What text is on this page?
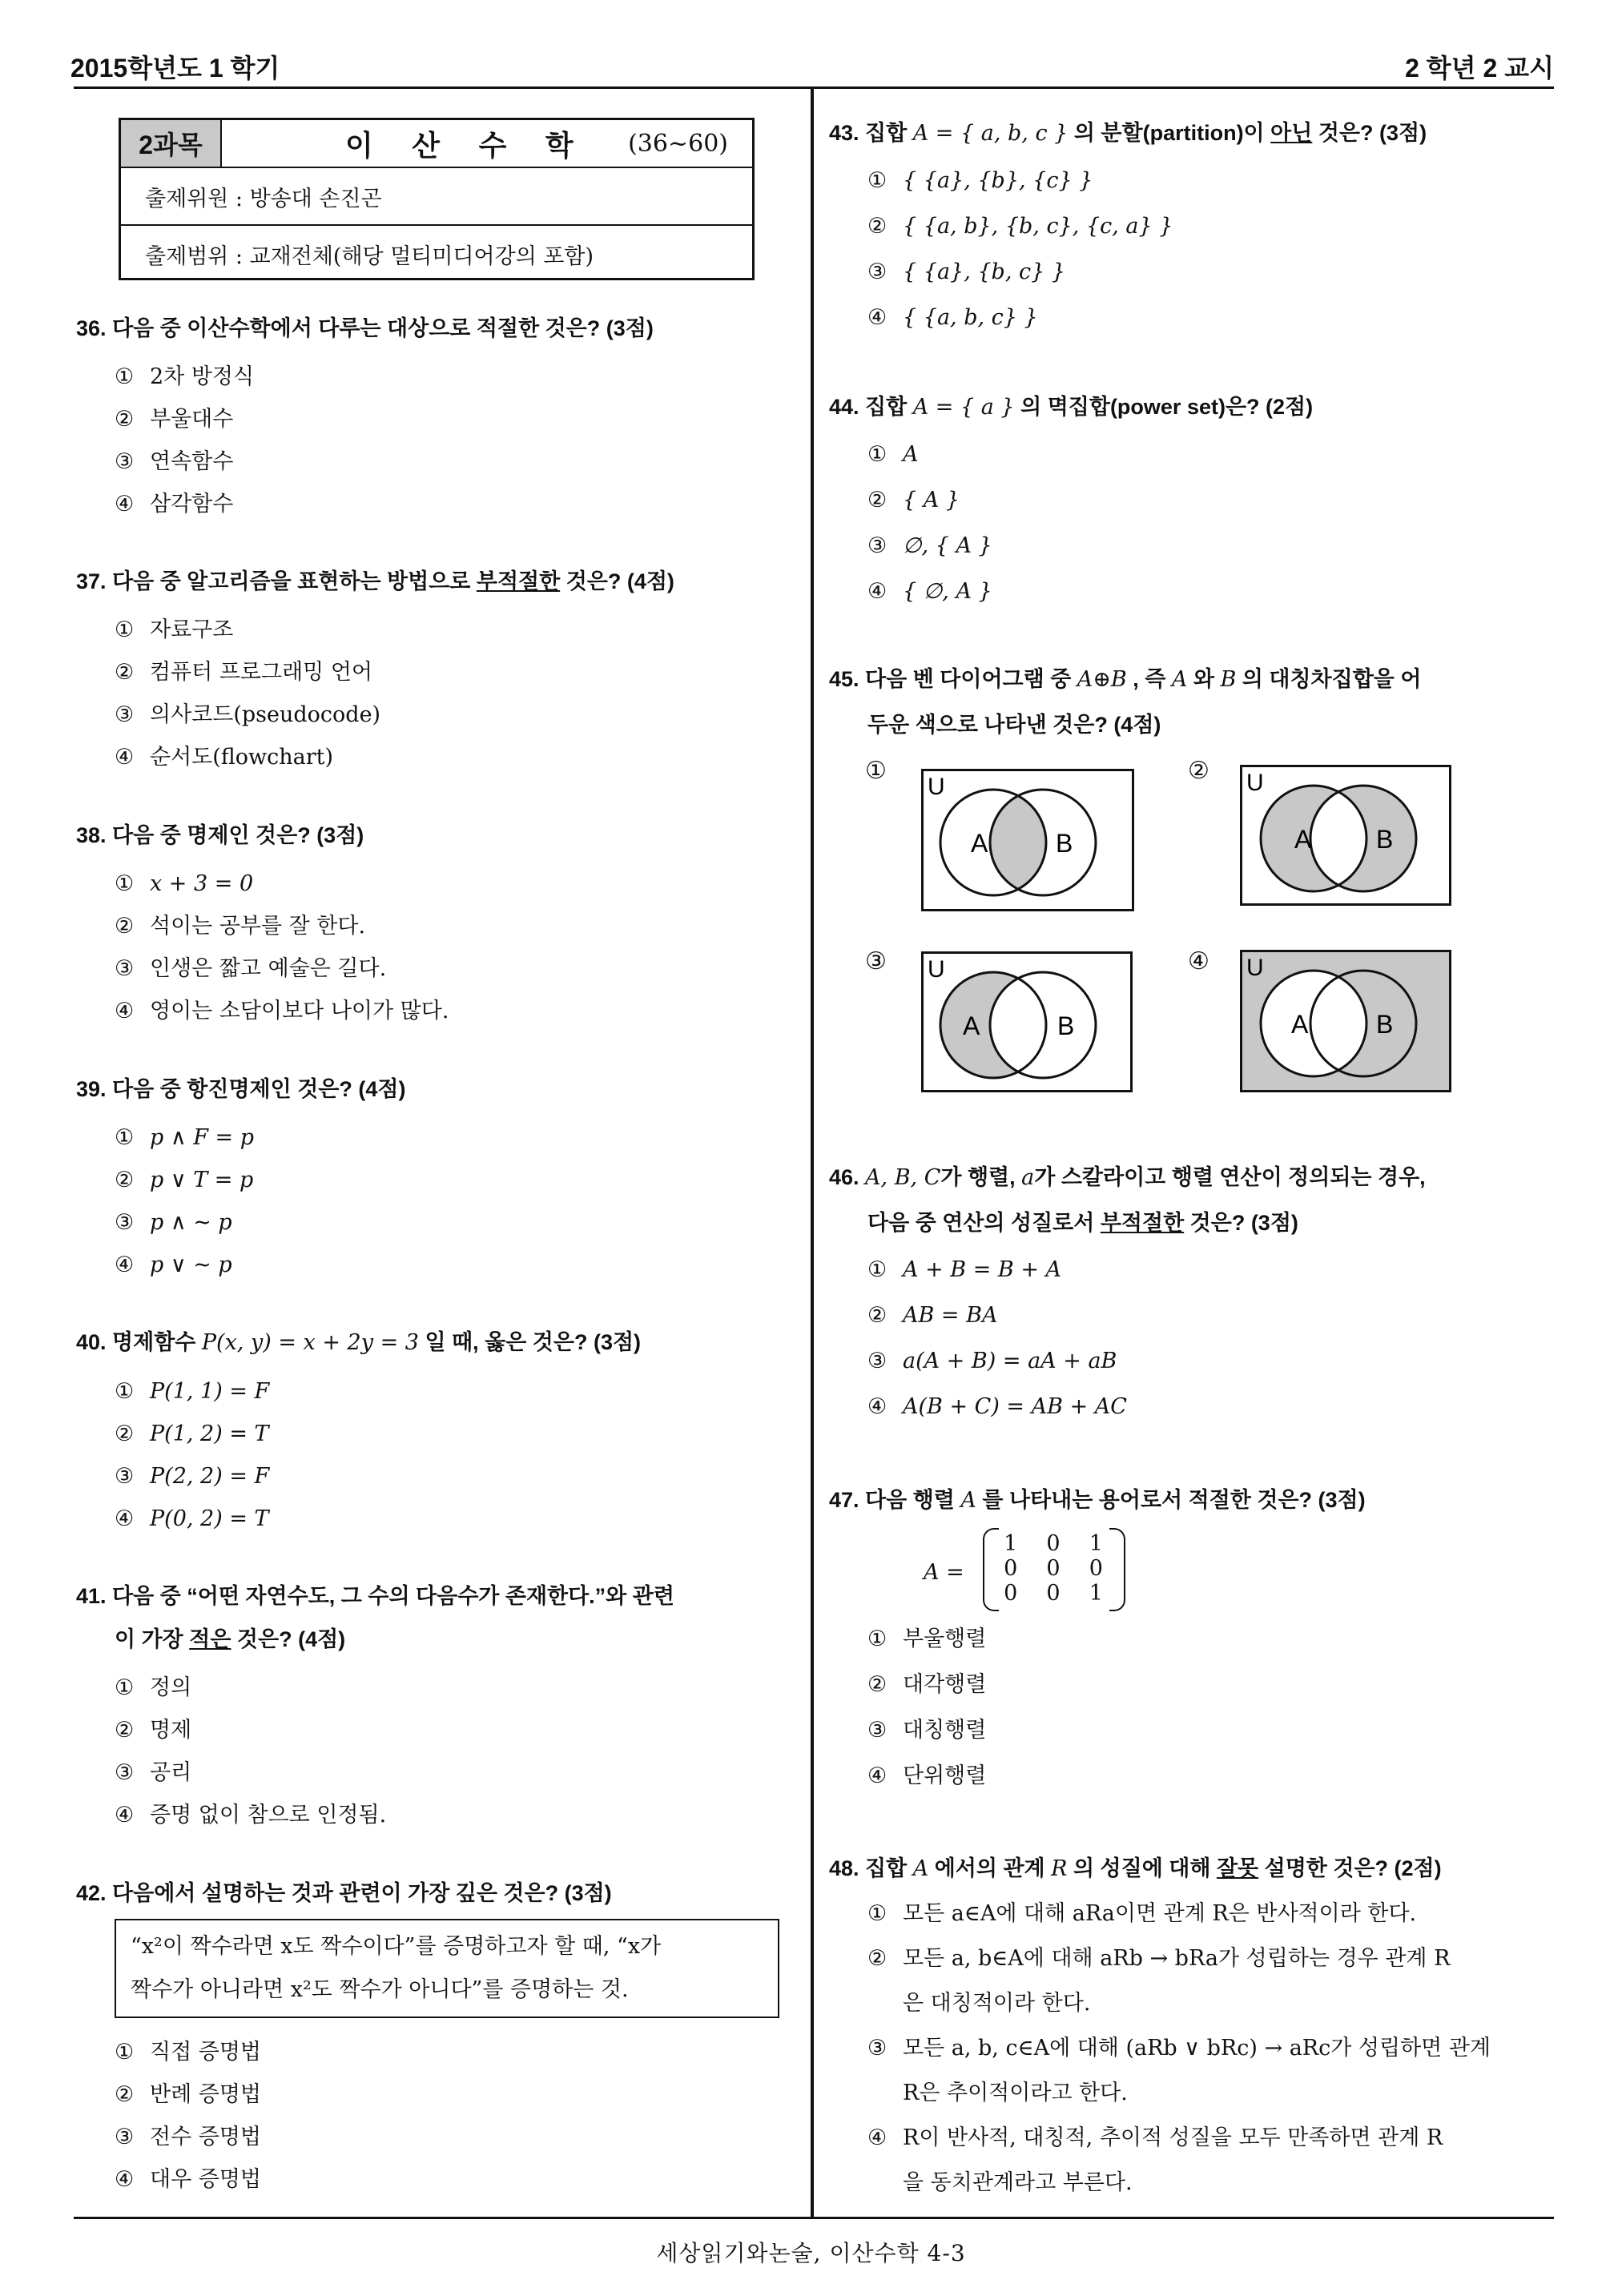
2015학년도 1 학기	2 학년 2 교시
세상읽기와논술, 이산수학 4-3
2과목	이 산 수 학 (36~60)
출제위원 : 방송대 손진곤
출제범위 : 교재전체(해당 멀티미디어강의 포함)
36. 다음 중 이산수학에서 다루는 대상으로 적절한 것은? (3점)
① 2차 방정식
② 부울대수
③ 연속함수
④ 삼각함수
37. 다음 중 알고리즘을 표현하는 방법으로 부적절한 것은? (4점)
① 자료구조
② 컴퓨터 프로그래밍 언어
③ 의사코드(pseudocode)
④ 순서도(flowchart)
38. 다음 중 명제인 것은? (3점)
① x + 3 = 0
② 석이는 공부를 잘 한다.
③ 인생은 짧고 예술은 길다.
④ 영이는 소담이보다 나이가 많다.
39. 다음 중 항진명제인 것은? (4점)
① p ∧ F = p
② p ∨ T = p
③ p ∧ ~ p
④ p ∨ ~ p
40. 명제함수 P(x, y) = x + 2y = 3 일 때, 옳은 것은? (3점)
① P(1, 1) = F
② P(1, 2) = T
③ P(2, 2) = F
④ P(0, 2) = T
41. 다음 중 “어떤 자연수도, 그 수의 다음수가 존재한다.”와 관련
이 가장 적은 것은? (4점)
① 정의
② 명제
③ 공리
④ 증명 없이 참으로 인정됨.
42. 다음에서 설명하는 것과 관련이 가장 깊은 것은? (3점)
“x²이 짝수라면 x도 짝수이다”를 증명하고자 할 때, “x가
짝수가 아니라면 x²도 짝수가 아니다”를 증명하는 것.
① 직접 증명법
② 반례 증명법
③ 전수 증명법
④ 대우 증명법
43. 집합 A = { a, b, c } 의 분할(partition)이 아닌 것은? (3점)
① { {a}, {b}, {c} }
② { {a, b}, {b, c}, {c, a} }
③ { {a}, {b, c} }
④ { {a, b, c} }
44. 집합 A = { a } 의 멱집합(power set)은? (2점)
① A
② { A }
③ ∅, { A }
④ { ∅, A }
45. 다음 벤 다이어그램 중 A⊕B , 즉 A 와 B 의 대칭차집합을 어
두운 색으로 나타낸 것은? (4점)
①	②
③	④
U
A	B
U
A	B
U
A	B
U
A	B
46. A, B, C가 행렬, a가 스칼라이고 행렬 연산이 정의되는 경우,
다음 중 연산의 성질로서 부적절한 것은? (3점)
① A + B = B + A
② AB = BA
③ a(A + B) = aA + aB
④ A(B + C) = AB + AC
47. 다음 행렬 A 를 나타내는 용어로서 적절한 것은? (3점)
A =
1 0 1
0 0 0
0 0 1
① 부울행렬
② 대각행렬
③ 대칭행렬
④ 단위행렬
48. 집합 A 에서의 관계 R 의 성질에 대해 잘못 설명한 것은? (2점)
① 모든 a∈A에 대해 aRa이면 관계 R은 반사적이라 한다.
② 모든 a, b∈A에 대해 aRb → bRa가 성립하는 경우 관계 R
은 대칭적이라 한다.
③ 모든 a, b, c∈A에 대해 (aRb ∨ bRc) → aRc가 성립하면 관계
R은 추이적이라고 한다.
④ R이 반사적, 대칭적, 추이적 성질을 모두 만족하면 관계 R
을 동치관계라고 부른다.
